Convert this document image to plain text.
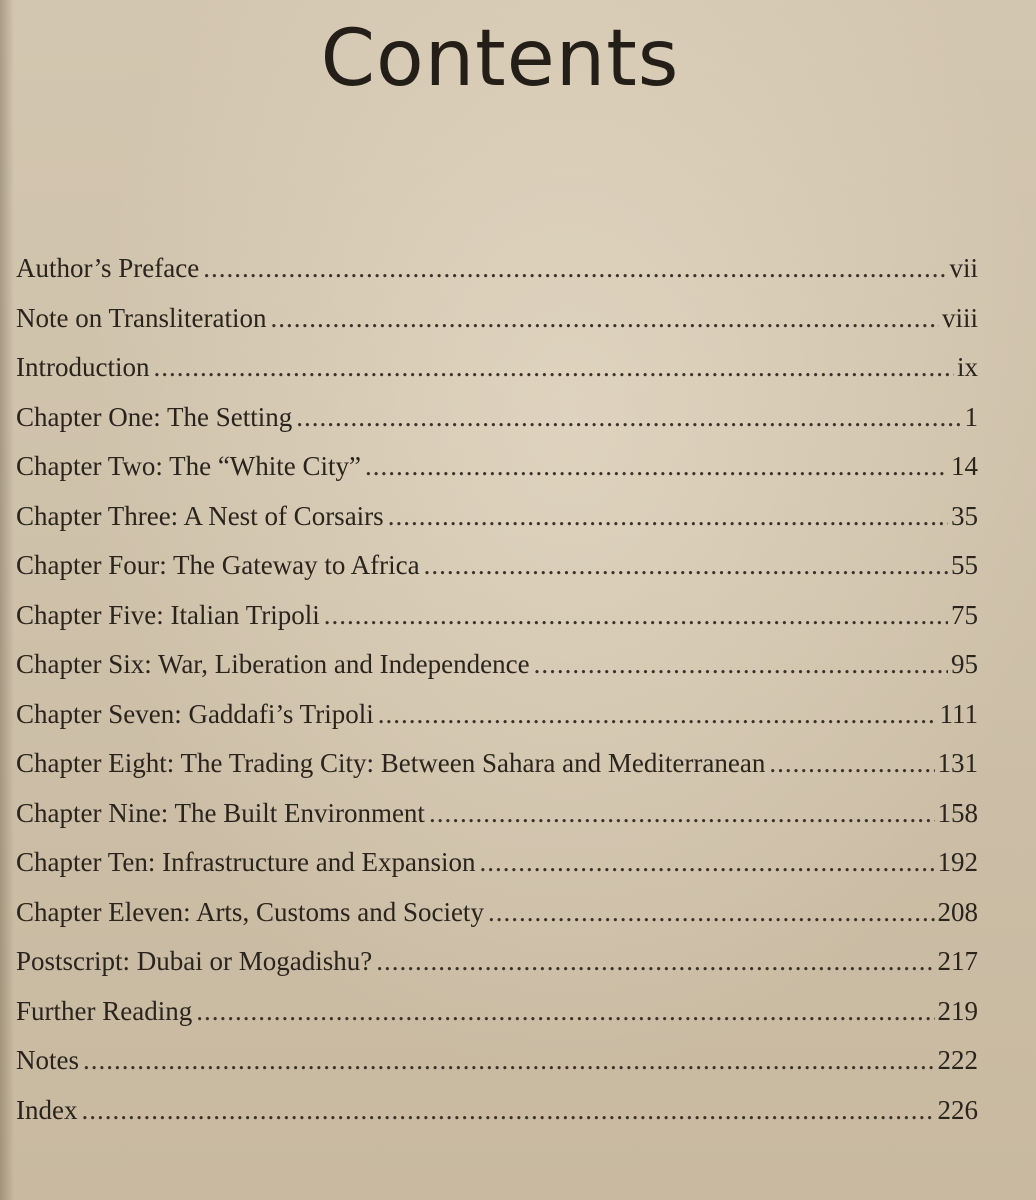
Contents
Author’s Preface .....	vii
Note on Transliteration .....	viii
Introduction .....	ix
Chapter One: The Setting .....	1
Chapter Two: The “White City” .....	14
Chapter Three: A Nest of Corsairs .....	35
Chapter Four: The Gateway to Africa .....	55
Chapter Five: Italian Tripoli .....	75
Chapter Six: War, Liberation and Independence .....	95
Chapter Seven: Gaddafi’s Tripoli .....	111
Chapter Eight: The Trading City: Between Sahara and Mediterranean .....	131
Chapter Nine: The Built Environment .....	158
Chapter Ten: Infrastructure and Expansion .....	192
Chapter Eleven: Arts, Customs and Society .....	208
Postscript: Dubai or Mogadishu? .....	217
Further Reading .....	219
Notes .....	222
Index .....	226
